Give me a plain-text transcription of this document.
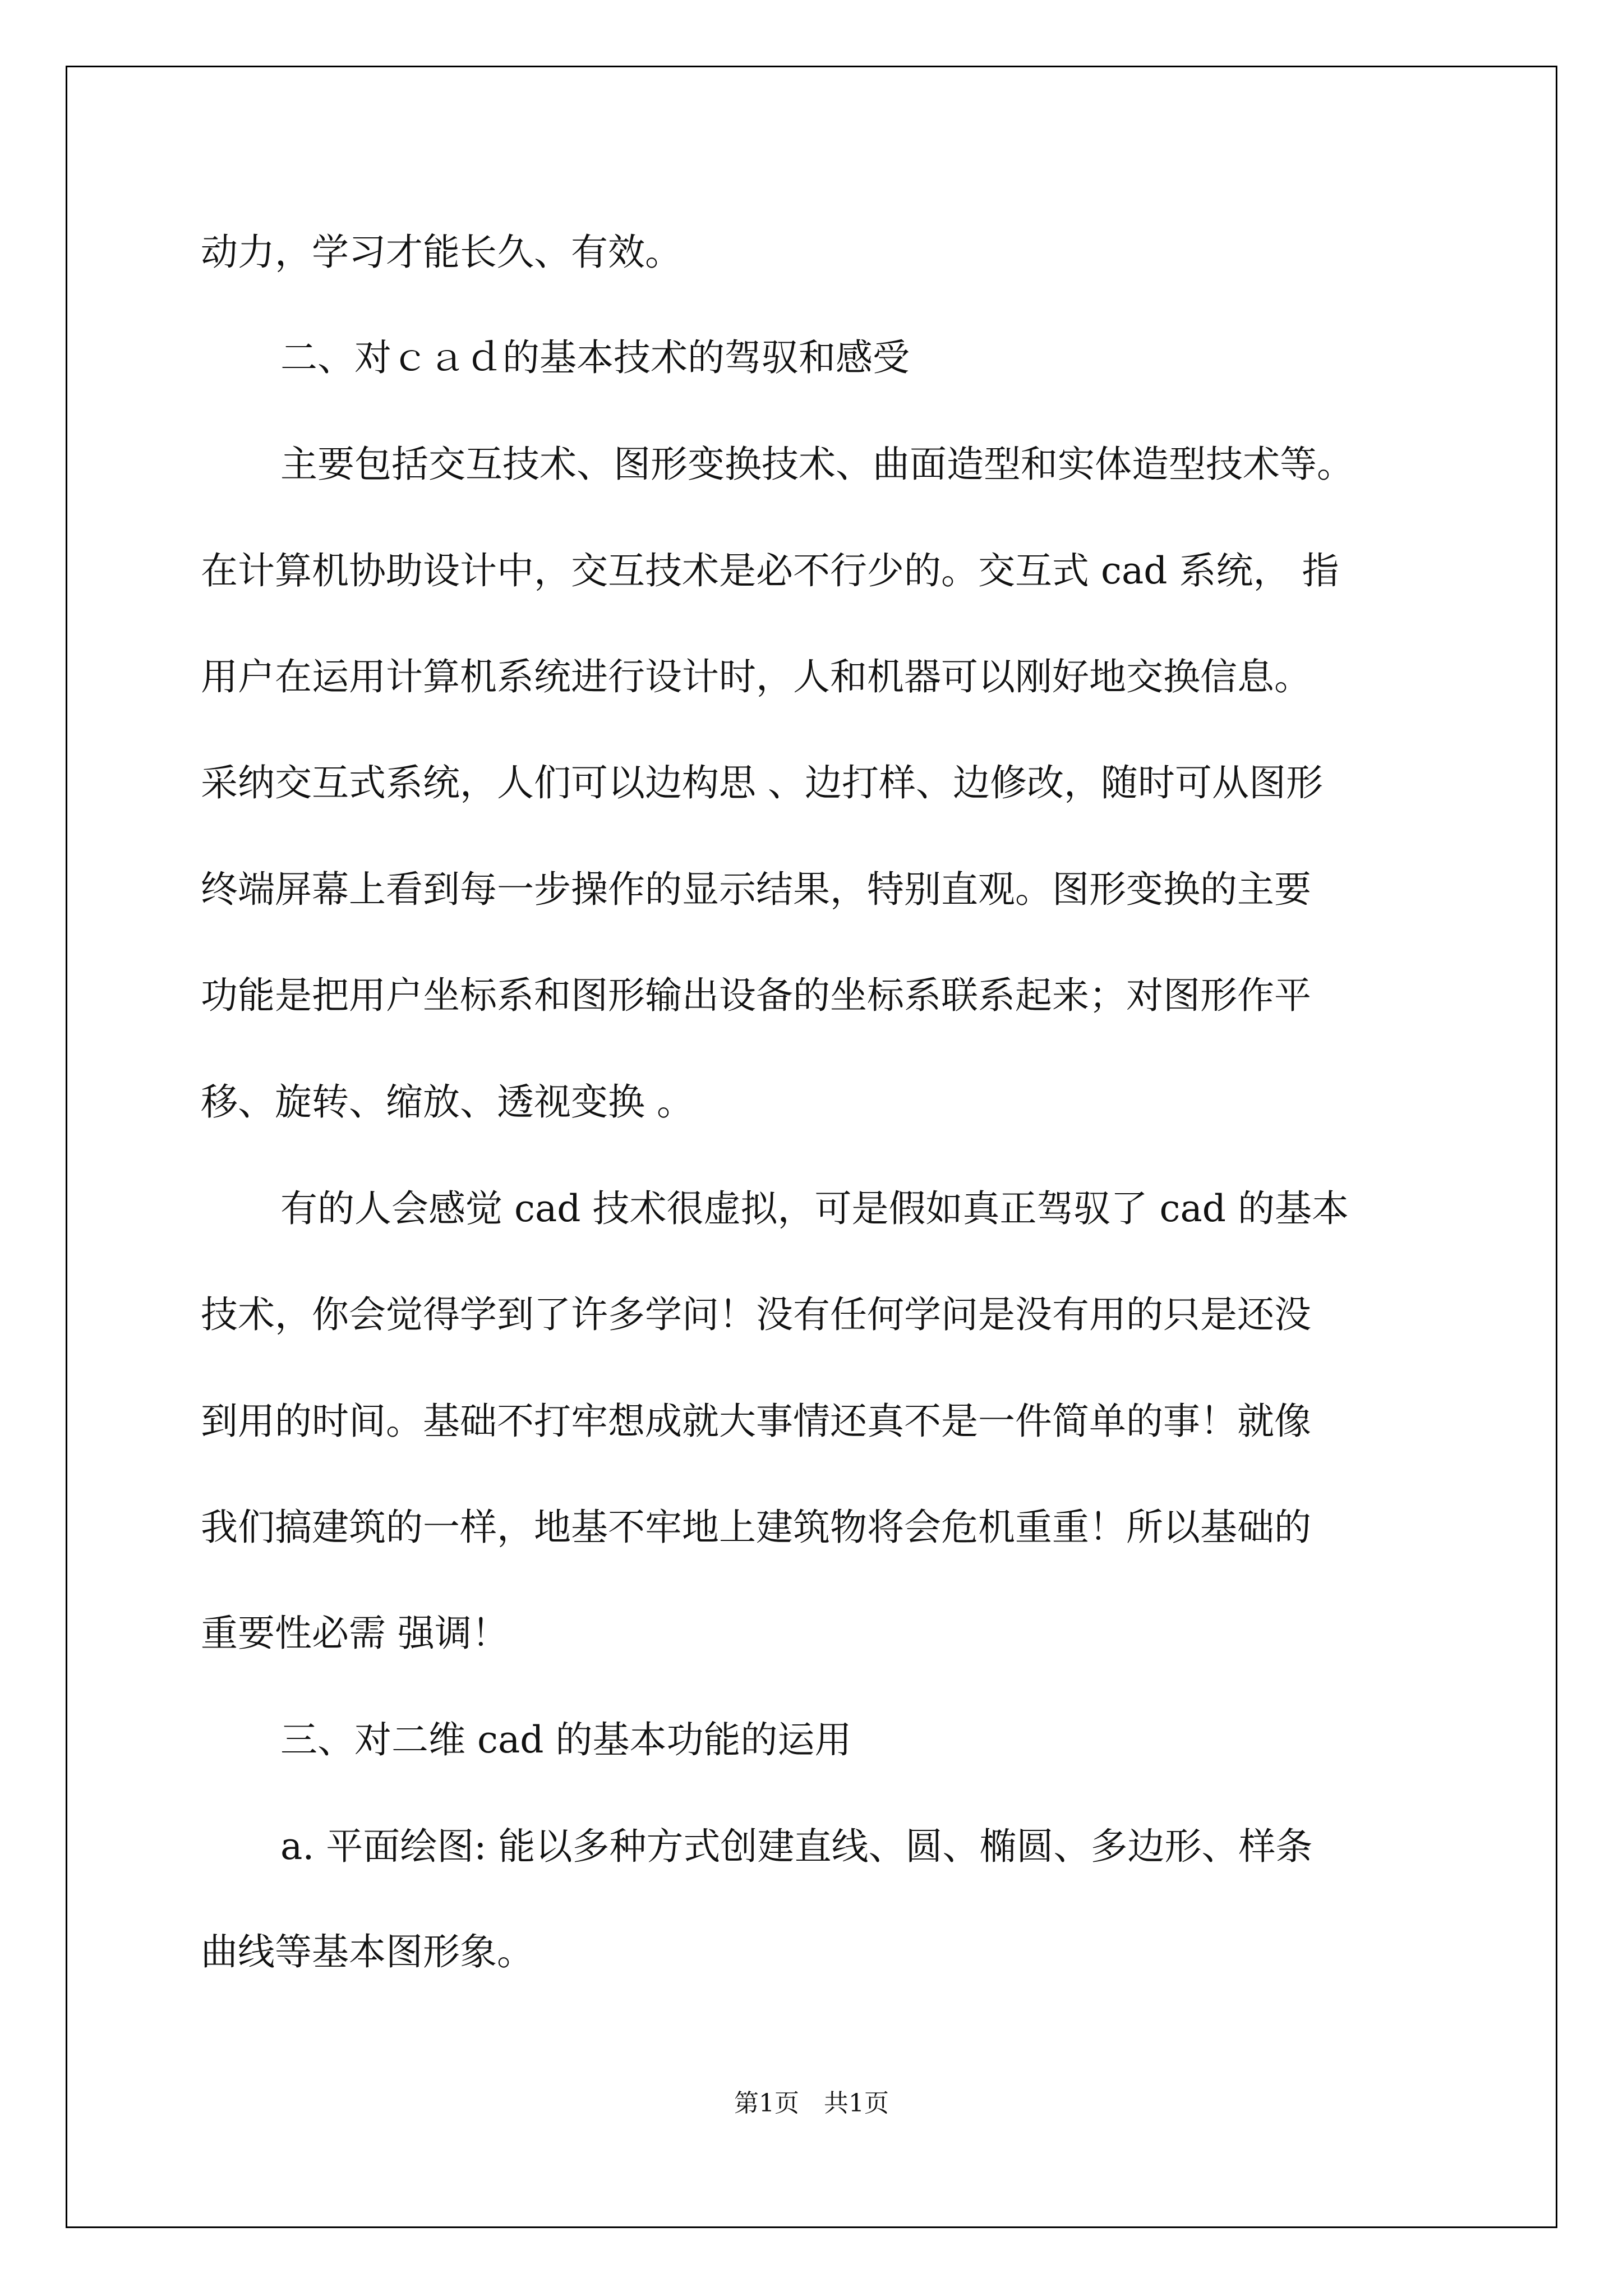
动力，学习才能长久、有效。
二、对ｃａｄ的基本技术的驾驭和感受
主要包括交互技术、图形变换技术、曲面造型和实体造型技术等。
在计算机协助设计中，交互技术是必不行少的。交互式 cad 系统， 指
用户在运用计算机系统进行设计时，人和机器可以刚好地交换信息。
采纳交互式系统，人们可以边构思 、边打样、边修改，随时可从图形
终端屏幕上看到每一步操作的显示结果，特别直观。图形变换的主要
功能是把用户坐标系和图形输出设备的坐标系联系起来；对图形作平
移、旋转、缩放、透视变换 。
有的人会感觉 cad 技术很虚拟，可是假如真正驾驭了 cad 的基本
技术，你会觉得学到了许多学问！没有任何学问是没有用的只是还没
到用的时间。基础不打牢想成就大事情还真不是一件简单的事！就像
我们搞建筑的一样，地基不牢地上建筑物将会危机重重！所以基础的
重要性必需 强调！
三、对二维 cad 的基本功能的运用
a. 平面绘图: 能以多种方式创建直线、圆、椭圆、多边形、样条
曲线等基本图形象。
第1页　共1页
